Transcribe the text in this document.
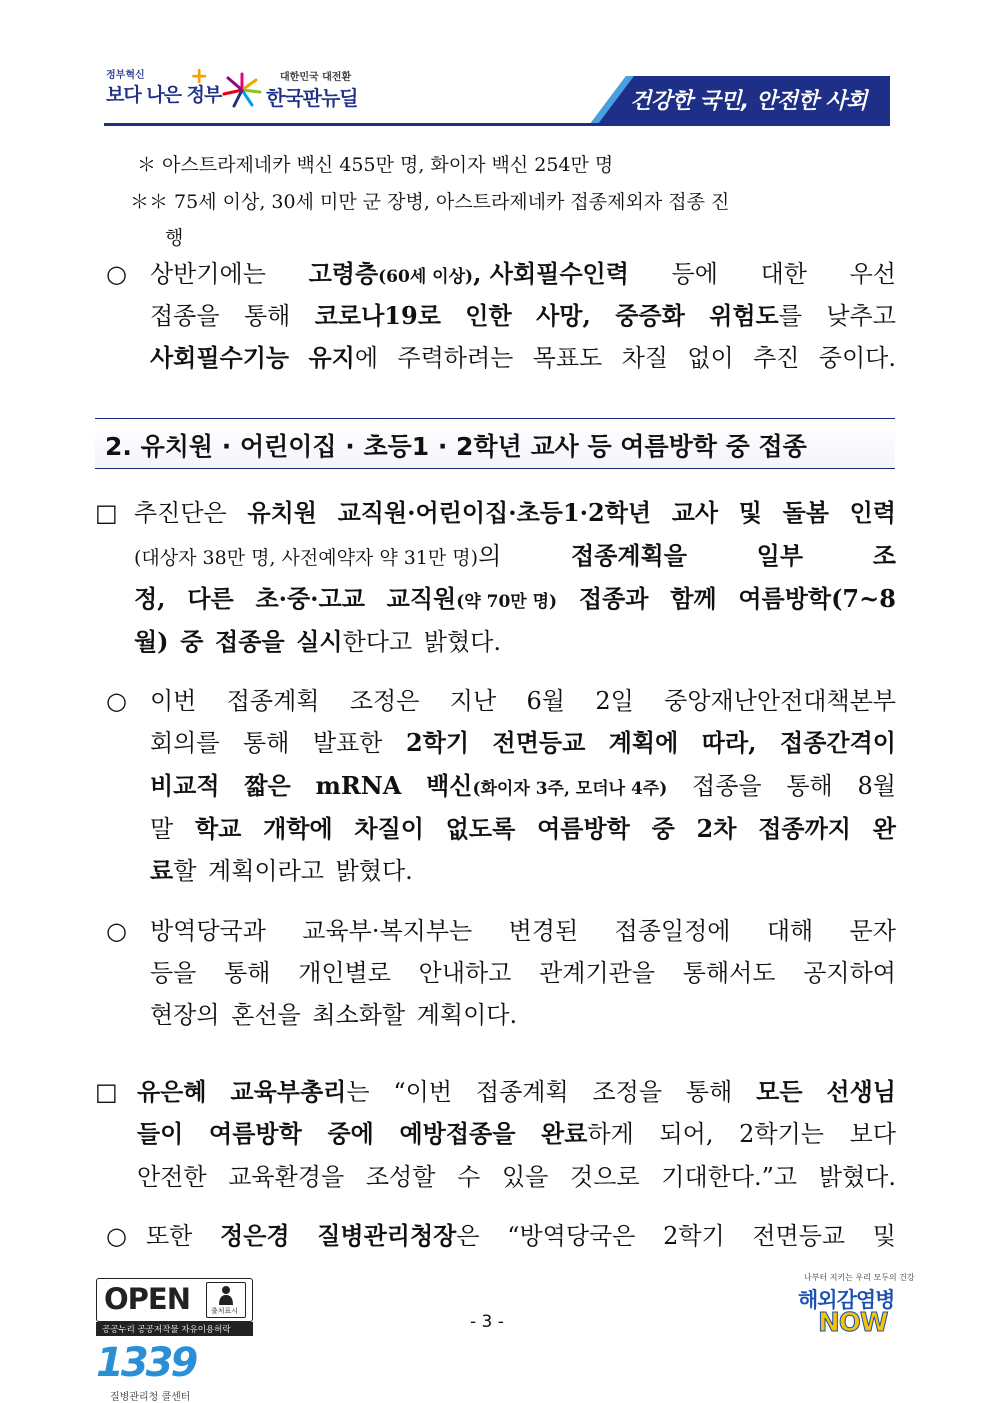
정부혁신
보다 나은 정부
+	대한민국 대전환
한국판뉴딜	건강한 국민, 안전한 사회
＊ 아스트라제네카 백신 455만 명, 화이자 백신 254만 명
＊＊ 75세 이상, 30세 미만 군 장병, 아스트라제네카 접종제외자 접종 진
행
○ 상반기에는 고령층(60세 이상), 사회필수인력 등에 대한 우선
접종을 통해 코로나19로 인한 사망, 중증화 위험도를 낮추고
사회필수기능 유지에 주력하려는 목표도 차질 없이 추진 중이다.
2. 유치원 · 어린이집 · 초등1 · 2학년 교사 등 여름방학 중 접종
□ 추진단은 유치원 교직원·어린이집·초등1·2학년 교사 및 돌봄 인력
(대상자 38만 명, 사전예약자 약 31만 명)의	접종계획을	일부	조
정, 다른 초·중·고교 교직원(약 70만 명) 접종과 함께 여름방학(7~8
월) 중 접종을 실시한다고 밝혔다.
○ 이번 접종계획 조정은 지난 6월 2일 중앙재난안전대책본부
회의를 통해 발표한 2학기 전면등교 계획에 따라, 접종간격이
비교적 짧은 mRNA 백신(화이자 3주, 모더나 4주) 접종을 통해 8월
말 학교 개학에 차질이 없도록 여름방학 중 2차 접종까지 완
료할 계획이라고 밝혔다.
○ 방역당국과 교육부·복지부는 변경된 접종일정에 대해 문자
등을 통해 개인별로 안내하고 관계기관을 통해서도 공지하여
현장의 혼선을 최소화할 계획이다.
□ 유은혜 교육부총리는 “이번 접종계획 조정을 통해 모든 선생님
들이 여름방학 중에 예방접종을 완료하게 되어, 2학기는 보다
안전한 교육환경을 조성할 수 있을 것으로 기대한다.”고 밝혔다.
○ 또한 정은경 질병관리청장은 “방역당국은 2학기 전면등교 및
OPEN	출처표시
공공누리 공공저작물 자유이용허락	- 3 -
1339
질병관리청 콜센터
나부터 지키는 우리 모두의 건강
해외감염병
NOW
